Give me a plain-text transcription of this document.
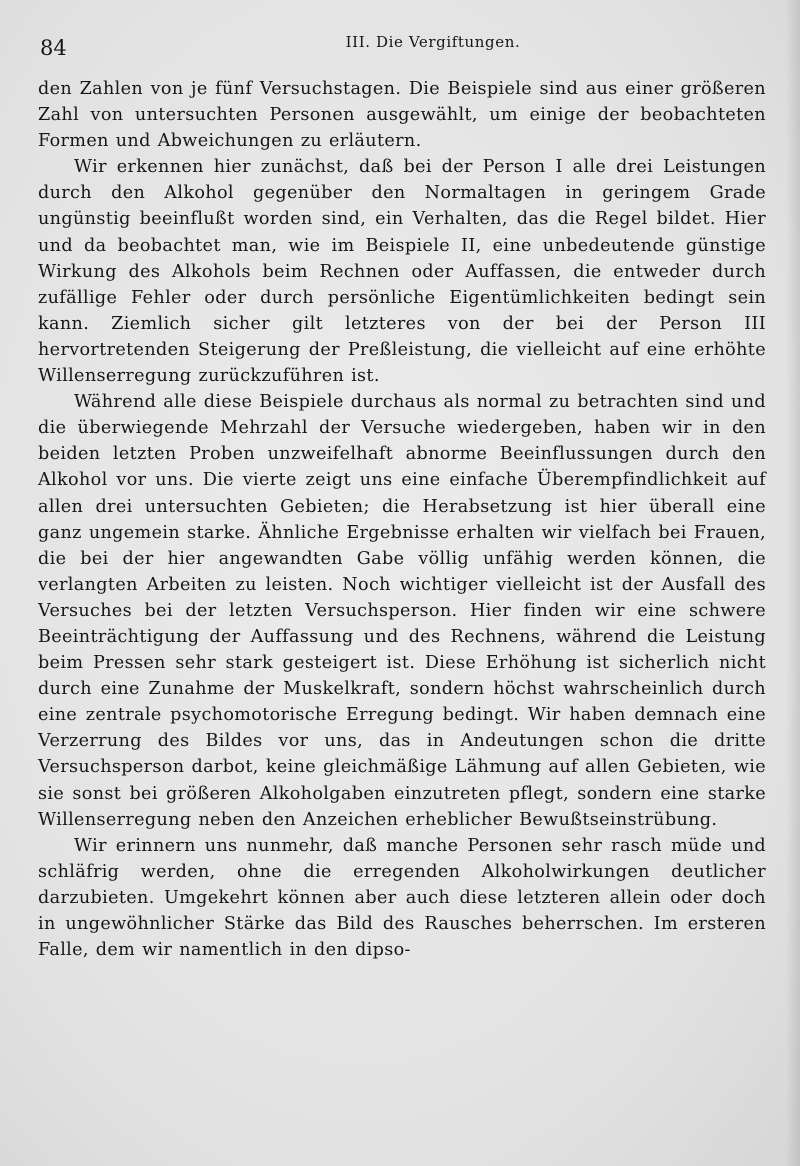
84	III. Die Vergiftungen.

den Zahlen von je fünf Versuchstagen. Die Beispiele sind aus einer größeren Zahl von untersuchten Personen ausgewählt, um einige der beobachteten Formen und Abweichungen zu erläutern.

Wir erkennen hier zunächst, daß bei der Person I alle drei Leistungen durch den Alkohol gegenüber den Normaltagen in geringem Grade ungünstig beeinflußt worden sind, ein Verhalten, das die Regel bildet. Hier und da beobachtet man, wie im Beispiele II, eine unbedeutende günstige Wirkung des Alkohols beim Rechnen oder Auffassen, die entweder durch zufällige Fehler oder durch persönliche Eigentümlichkeiten bedingt sein kann. Ziemlich sicher gilt letzteres von der bei der Person III hervortretenden Steigerung der Preßleistung, die vielleicht auf eine erhöhte Willenserregung zurückzuführen ist.

Während alle diese Beispiele durchaus als normal zu betrachten sind und die überwiegende Mehrzahl der Versuche wiedergeben, haben wir in den beiden letzten Proben unzweifelhaft abnorme Beeinflussungen durch den Alkohol vor uns. Die vierte zeigt uns eine einfache Überempfindlichkeit auf allen drei untersuchten Gebieten; die Herabsetzung ist hier überall eine ganz ungemein starke. Ähnliche Ergebnisse erhalten wir vielfach bei Frauen, die bei der hier angewandten Gabe völlig unfähig werden können, die verlangten Arbeiten zu leisten. Noch wichtiger vielleicht ist der Ausfall des Versuches bei der letzten Versuchsperson. Hier finden wir eine schwere Beeinträchtigung der Auffassung und des Rechnens, während die Leistung beim Pressen sehr stark gesteigert ist. Diese Erhöhung ist sicherlich nicht durch eine Zunahme der Muskelkraft, sondern höchst wahrscheinlich durch eine zentrale psychomotorische Erregung bedingt. Wir haben demnach eine Verzerrung des Bildes vor uns, das in Andeutungen schon die dritte Versuchsperson darbot, keine gleichmäßige Lähmung auf allen Gebieten, wie sie sonst bei größeren Alkoholgaben einzutreten pflegt, sondern eine starke Willenserregung neben den Anzeichen erheblicher Bewußtseinstrübung.

Wir erinnern uns nunmehr, daß manche Personen sehr rasch müde und schläfrig werden, ohne die erregenden Alkoholwirkungen deutlicher darzubieten. Umgekehrt können aber auch diese letzteren allein oder doch in ungewöhnlicher Stärke das Bild des Rausches beherrschen. Im ersteren Falle, dem wir namentlich in den dipso-
